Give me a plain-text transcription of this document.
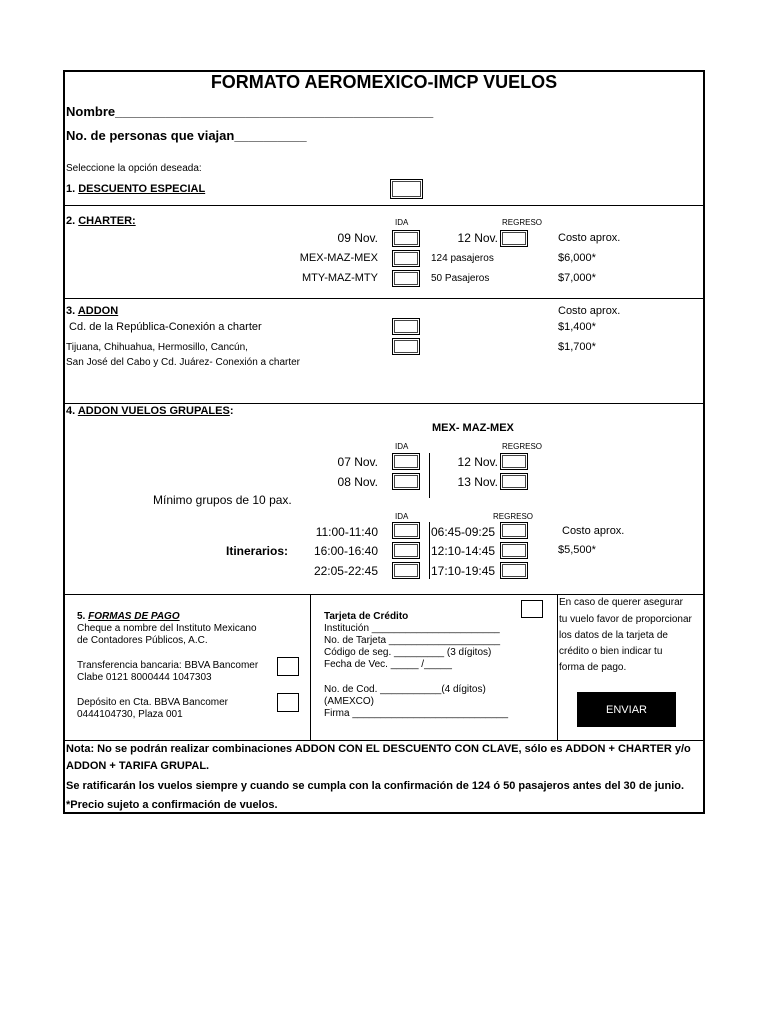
FORMATO AEROMEXICO-IMCP VUELOS
Nombre____________________________________________
No. de personas que viajan__________
Seleccione la opción deseada:
1. DESCUENTO ESPECIAL
2. CHARTER:	IDA	REGRESO
09 Nov.	12 Nov.	Costo aprox.
MEX-MAZ-MEX	124 pasajeros	$6,000*
MTY-MAZ-MTY	50 Pasajeros	$7,000*
3. ADDON	Costo aprox.
Cd. de la República-Conexión a charter	$1,400*
Tijuana, Chihuahua, Hermosillo, Cancún,	$1,700*
San José del Cabo y Cd. Juárez- Conexión a charter
4. ADDON VUELOS GRUPALES:
MEX- MAZ-MEX
IDA	REGRESO
07 Nov.	12 Nov.
08 Nov.	13 Nov.
Mínimo grupos de 10 pax.
IDA	REGRESO
11:00-11:40	06:45-09:25	Costo aprox.
Itinerarios:	16:00-16:40	12:10-14:45	$5,500*
22:05-22:45	17:10-19:45
5. FORMAS DE PAGO
Cheque a nombre del Instituto Mexicano
de Contadores Públicos, A.C.
Transferencia bancaria: BBVA Bancomer
Clabe 0121 8000444 1047303
Depósito en Cta. BBVA Bancomer
0444104730, Plaza 001
Tarjeta de Crédito
Institución _______________________
No. de Tarjeta ____________________
Código de seg. _________ (3 dígitos)
Fecha de Vec. _____ /_____
No. de Cod. ___________(4 dígitos)
(AMEXCO)
Firma ____________________________
En caso de querer asegurar
tu vuelo favor de proporcionar
los datos de la tarjeta de
crédito o bien indicar tu
forma de pago.
ENVIAR
Nota: No se podrán realizar combinaciones ADDON CON EL DESCUENTO CON CLAVE, sólo es ADDON + CHARTER y/o
ADDON + TARIFA GRUPAL.
Se ratificarán los vuelos siempre y cuando se cumpla con la confirmación de 124 ó 50 pasajeros antes del 30 de junio.
*Precio sujeto a confirmación de vuelos.
